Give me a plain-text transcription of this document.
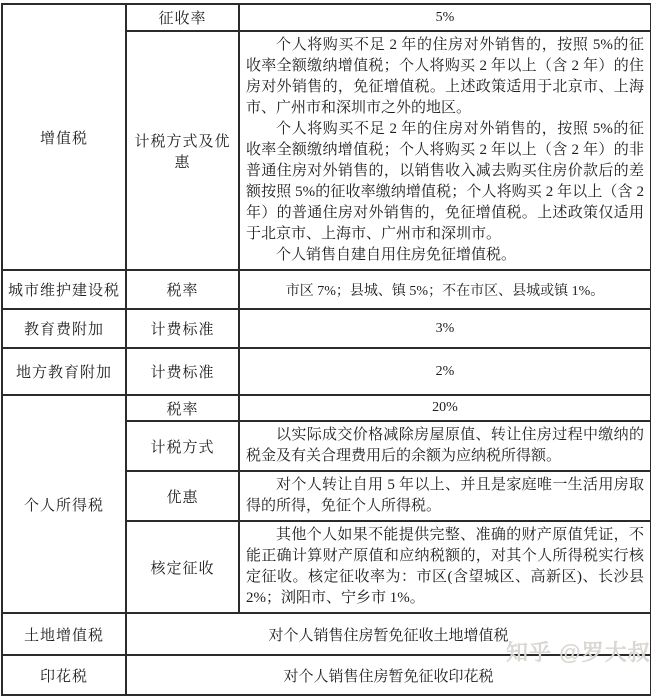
增值税	征收率	5%
	计税方式及优惠	个人将购买不足 2 年的住房对外销售的，按照 5%的征收率全额缴纳增值税；个人将购买 2 年以上（含 2 年）的住房对外销售的，免征增值税。上述政策适用于北京市、上海市、广州市和深圳市之外的地区。

个人将购买不足 2 年的住房对外销售的，按照 5%的征收率全额缴纳增值税；个人将购买 2 年以上（含 2 年）的非普通住房对外销售的，以销售收入减去购买住房价款后的差额按照 5%的征收率缴纳增值税；个人将购买 2 年以上（含 2 年）的普通住房对外销售的，免征增值税。上述政策仅适用于北京市、上海市、广州市和深圳市。

个人销售自建自用住房免征增值税。

城市维护建设税	税率	市区 7%；县城、镇 5%；不在市区、县城或镇 1%。
教育费附加	计费标准	3%
地方教育附加	计费标准	2%
个人所得税	税率	20%
	计税方式	以实际成交价格减除房屋原值、转让住房过程中缴纳的税金及有关合理费用后的余额为应纳税所得额。

	优惠	对个人转让自用 5 年以上、并且是家庭唯一生活用房取得的所得，免征个人所得税。

	核定征收	其他个人如果不能提供完整、准确的财产原值凭证，不能正确计算财产原值和应纳税额的，对其个人所得税实行核定征收。核定征收率为：市区(含望城区、高新区)、长沙县 2%；浏阳市、宁乡市 1%。

土地增值税	对个人销售住房暂免征收土地增值税	
印花税	对个人销售住房暂免征收印花税	
知乎 @罗大叔
